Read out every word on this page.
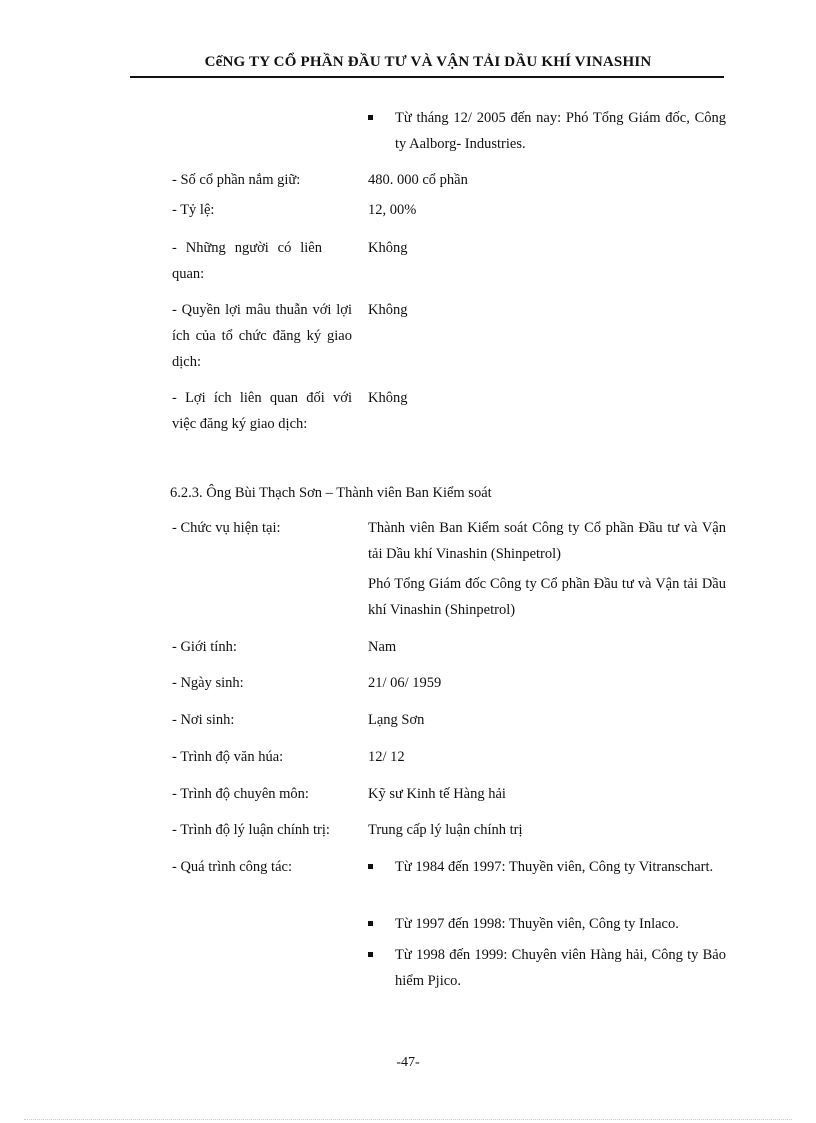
CếNG TY CỔ PHẦN ĐẦU TƯ VÀ VẬN TẢI DẦU KHÍ VINASHIN
Từ tháng 12/ 2005 đến nay: Phó Tổng Giám đốc, Công ty Aalborg- Industries.
- Số cổ phần nắm giữ:	480. 000 cổ phần
- Tỷ lệ:	12, 00%
- Những người có liên quan:
Không
- Quyền lợi mâu thuẫn với lợi ích của tổ chức đăng ký giao dịch:
Không
- Lợi ích liên quan đối với việc đăng ký giao dịch:
Không
6.2.3. Ông Bùi Thạch Sơn – Thành viên Ban Kiểm soát
- Chức vụ hiện tại:	Thành viên Ban Kiểm soát Công ty Cổ phần Đầu tư và Vận tải Dầu khí Vinashin (Shinpetrol)
Phó Tổng Giám đốc Công ty Cổ phần Đầu tư và Vận tải Dầu khí Vinashin (Shinpetrol)
- Giới tính:	Nam
- Ngày sinh:	21/ 06/ 1959
- Nơi sinh:	Lạng Sơn
- Trình độ văn húa:	12/ 12
- Trình độ chuyên môn:	Kỹ sư Kinh tế Hàng hải
- Trình độ lý luận chính trị:	Trung cấp lý luận chính trị
- Quá trình công tác:	Từ 1984 đến 1997: Thuyền viên, Công ty Vitranschart.
Từ 1997 đến 1998: Thuyền viên, Công ty Inlaco.
Từ 1998 đến 1999: Chuyên viên Hàng hải, Công ty Bảo hiểm Pjico.
-47-
